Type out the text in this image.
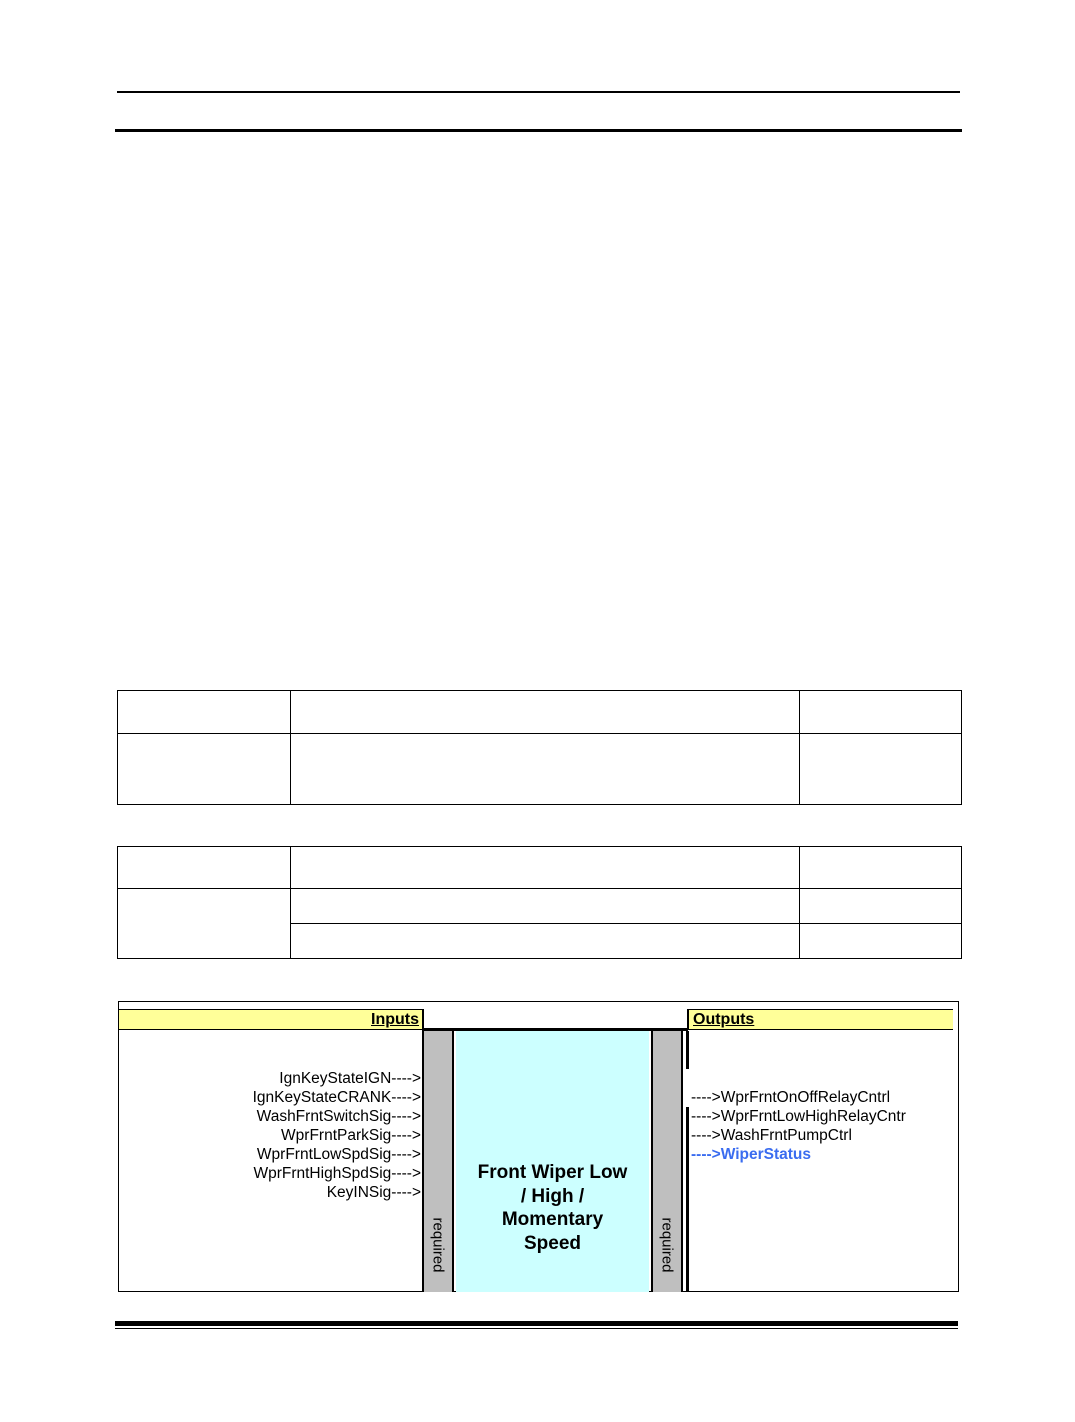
Inputs	Outputs
IgnKeyStateIGN---->
IgnKeyStateCRANK---->
WashFrntSwitchSig---->
WprFrntParkSig---->
WprFrntLowSpdSig---->
WprFrntHighSpdSig---->
KeyINSig---->
required
Front Wiper Low
/ High /
Momentary
Speed	required
---->WprFrntOnOffRelayCntrl
---->WprFrntLowHighRelayCntr
---->WashFrntPumpCtrl
---->WiperStatus
